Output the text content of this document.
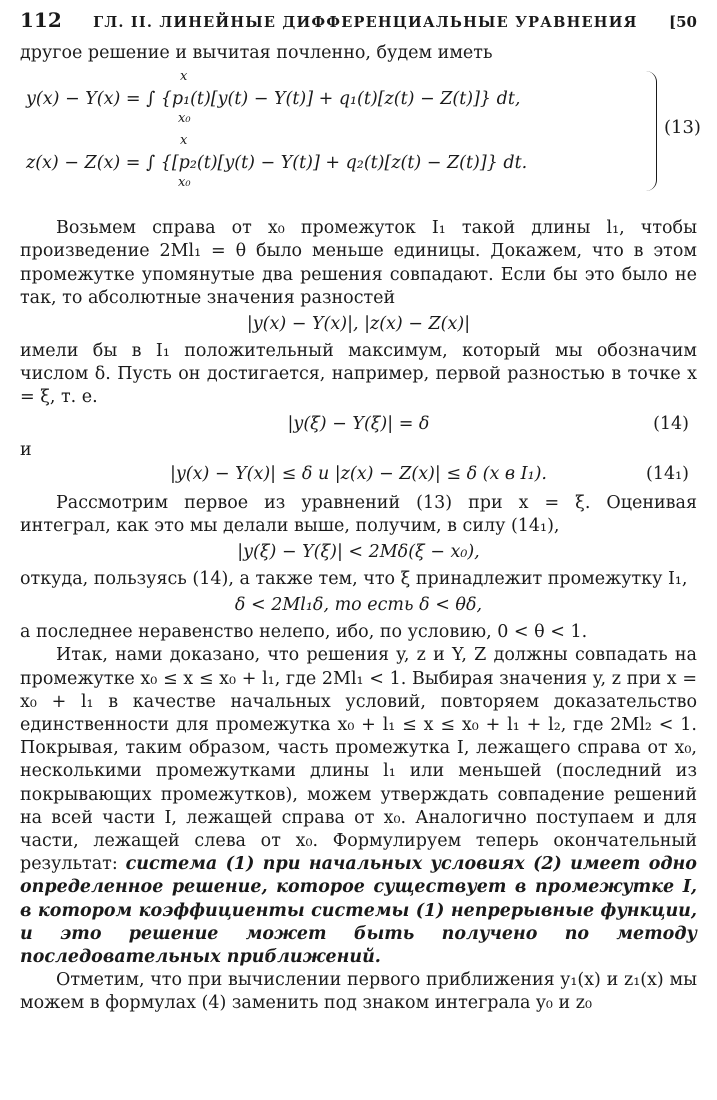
112 ГЛ. II. ЛИНЕЙНЫЕ ДИФФЕРЕНЦИАЛЬНЫЕ УРАВНЕНИЯ [50

другое решение и вычитая почленно, будем иметь

x
y(x) − Y(x) = ∫ {p₁(t)[y(t) − Y(t)] + q₁(t)[z(t) − Z(t)]} dt,
x₀
x
z(x) − Z(x) = ∫ {[p₂(t)[y(t) − Y(t)] + q₂(t)[z(t) − Z(t)]} dt.
x₀
(13)

Возьмем справа от x₀ промежуток I₁ такой длины l₁, чтобы произведение 2Ml₁ = θ было меньше единицы. Докажем, что в этом промежутке упомянутые два решения совпадают. Если бы это было не так, то абсолютные значения разностей

|y(x) − Y(x)|, |z(x) − Z(x)|

имели бы в I₁ положительный максимум, который мы обозначим числом δ. Пусть он достигается, например, первой разностью в точке x = ξ, т. е.

|y(ξ) − Y(ξ)| = δ	(14)
и
|y(x) − Y(x)| ≤ δ и |z(x) − Z(x)| ≤ δ (x в I₁).	(14₁)

Рассмотрим первое из уравнений (13) при x = ξ. Оценивая интеграл, как это мы делали выше, получим, в силу (14₁),

|y(ξ) − Y(ξ)| < 2Mδ(ξ − x₀),

откуда, пользуясь (14), а также тем, что ξ принадлежит промежутку I₁,

δ < 2Ml₁δ, то есть δ < θδ,

а последнее неравенство нелепо, ибо, по условию, 0 < θ < 1.

Итак, нами доказано, что решения y, z и Y, Z должны совпадать на промежутке x₀ ≤ x ≤ x₀ + l₁, где 2Ml₁ < 1. Выбирая значения y, z при x = x₀ + l₁ в качестве начальных условий, повторяем доказательство единственности для промежутка x₀ + l₁ ≤ x ≤ x₀ + l₁ + l₂, где 2Ml₂ < 1. Покрывая, таким образом, часть промежутка I, лежащего справа от x₀, несколькими промежутками длины l₁ или меньшей (последний из покрывающих промежутков), можем утверждать совпадение решений на всей части I, лежащей справа от x₀. Аналогично поступаем и для части, лежащей слева от x₀. Формулируем теперь окончательный результат: система (1) при начальных условиях (2) имеет одно определенное решение, которое существует в промежутке I, в котором коэффициенты системы (1) непрерывные функции, и это решение может быть получено по методу последовательных приближений.

Отметим, что при вычислении первого приближения y₁(x) и z₁(x) мы можем в формулах (4) заменить под знаком интеграла y₀ и z₀
